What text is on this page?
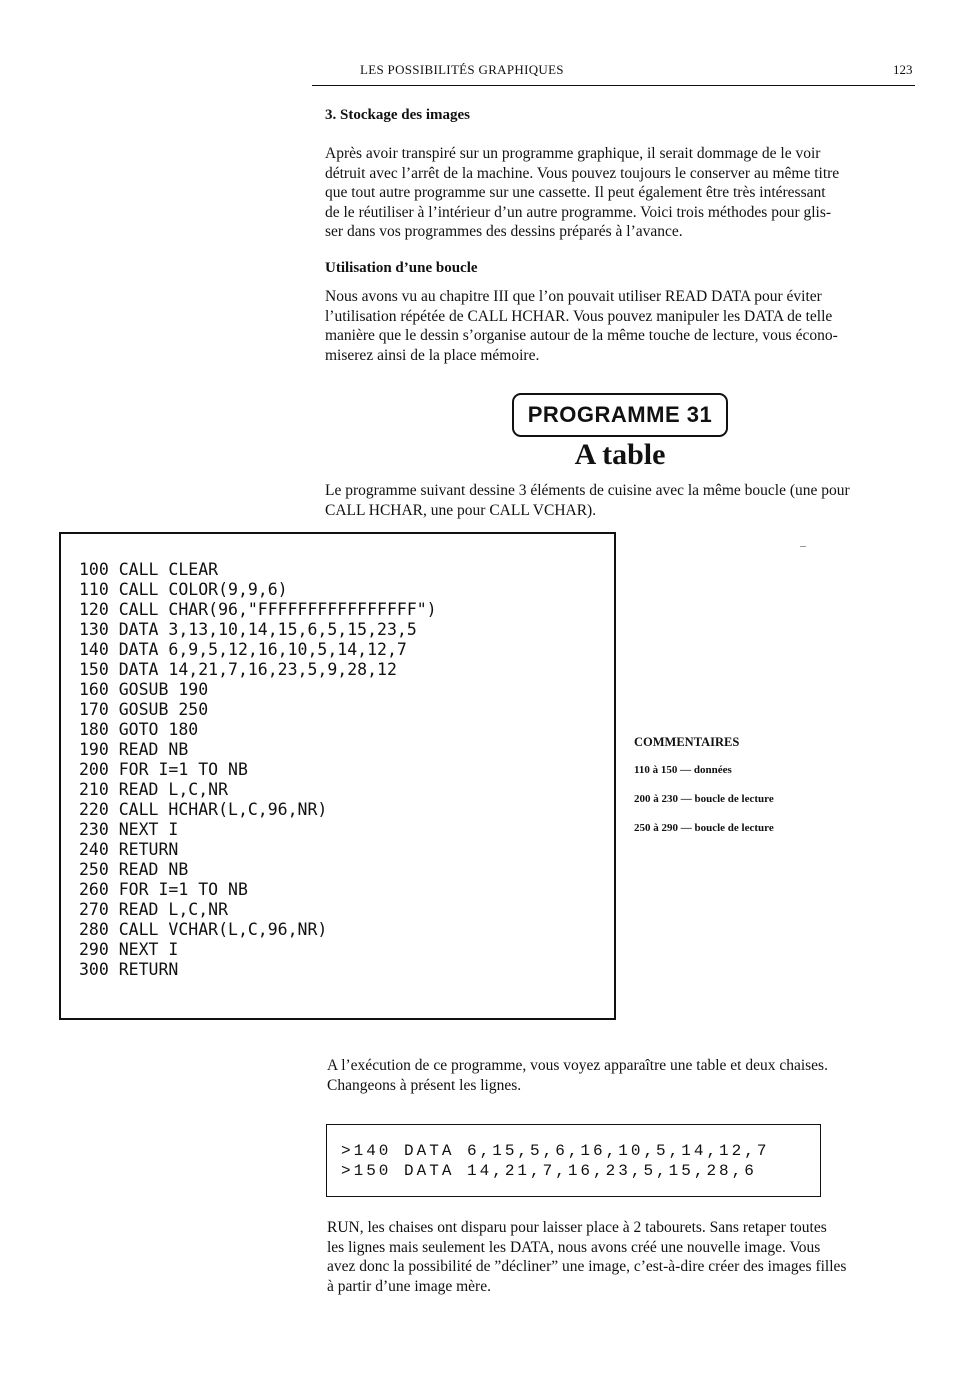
LES POSSIBILITÉS GRAPHIQUES	123
3. Stockage des images
Après avoir transpiré sur un programme graphique, il serait dommage de le voir
détruit avec l’arrêt de la machine. Vous pouvez toujours le conserver au même titre
que tout autre programme sur une cassette. Il peut également être très intéressant
de le réutiliser à l’intérieur d’un autre programme. Voici trois méthodes pour glis-
ser dans vos programmes des dessins préparés à l’avance.
Utilisation d’une boucle
Nous avons vu au chapitre III que l’on pouvait utiliser READ DATA pour éviter
l’utilisation répétée de CALL HCHAR. Vous pouvez manipuler les DATA de telle
manière que le dessin s’organise autour de la même touche de lecture, vous écono-
miserez ainsi de la place mémoire.
PROGRAMME 31
A table
Le programme suivant dessine 3 éléments de cuisine avec la même boucle (une pour
CALL HCHAR, une pour CALL VCHAR).
100 CALL CLEAR
110 CALL COLOR(9,9,6)
120 CALL CHAR(96,"FFFFFFFFFFFFFFFF")
130 DATA 3,13,10,14,15,6,5,15,23,5
140 DATA 6,9,5,12,16,10,5,14,12,7
150 DATA 14,21,7,16,23,5,9,28,12
160 GOSUB 190
170 GOSUB 250
180 GOTO 180
190 READ NB
200 FOR I=1 TO NB
210 READ L,C,NR
220 CALL HCHAR(L,C,96,NR)
230 NEXT I
240 RETURN
250 READ NB
260 FOR I=1 TO NB
270 READ L,C,NR
280 CALL VCHAR(L,C,96,NR)
290 NEXT I
300 RETURN
COMMENTAIRES
110 à 150 — données
200 à 230 — boucle de lecture
250 à 290 — boucle de lecture
A l’exécution de ce programme, vous voyez apparaître une table et deux chaises.
Changeons à présent les lignes.
>140 DATA 6,15,5,6,16,10,5,14,12,7
>150 DATA 14,21,7,16,23,5,15,28,6
RUN, les chaises ont disparu pour laisser place à 2 tabourets. Sans retaper toutes
les lignes mais seulement les DATA, nous avons créé une nouvelle image. Vous
avez donc la possibilité de ”décliner” une image, c’est-à-dire créer des images filles
à partir d’une image mère.
